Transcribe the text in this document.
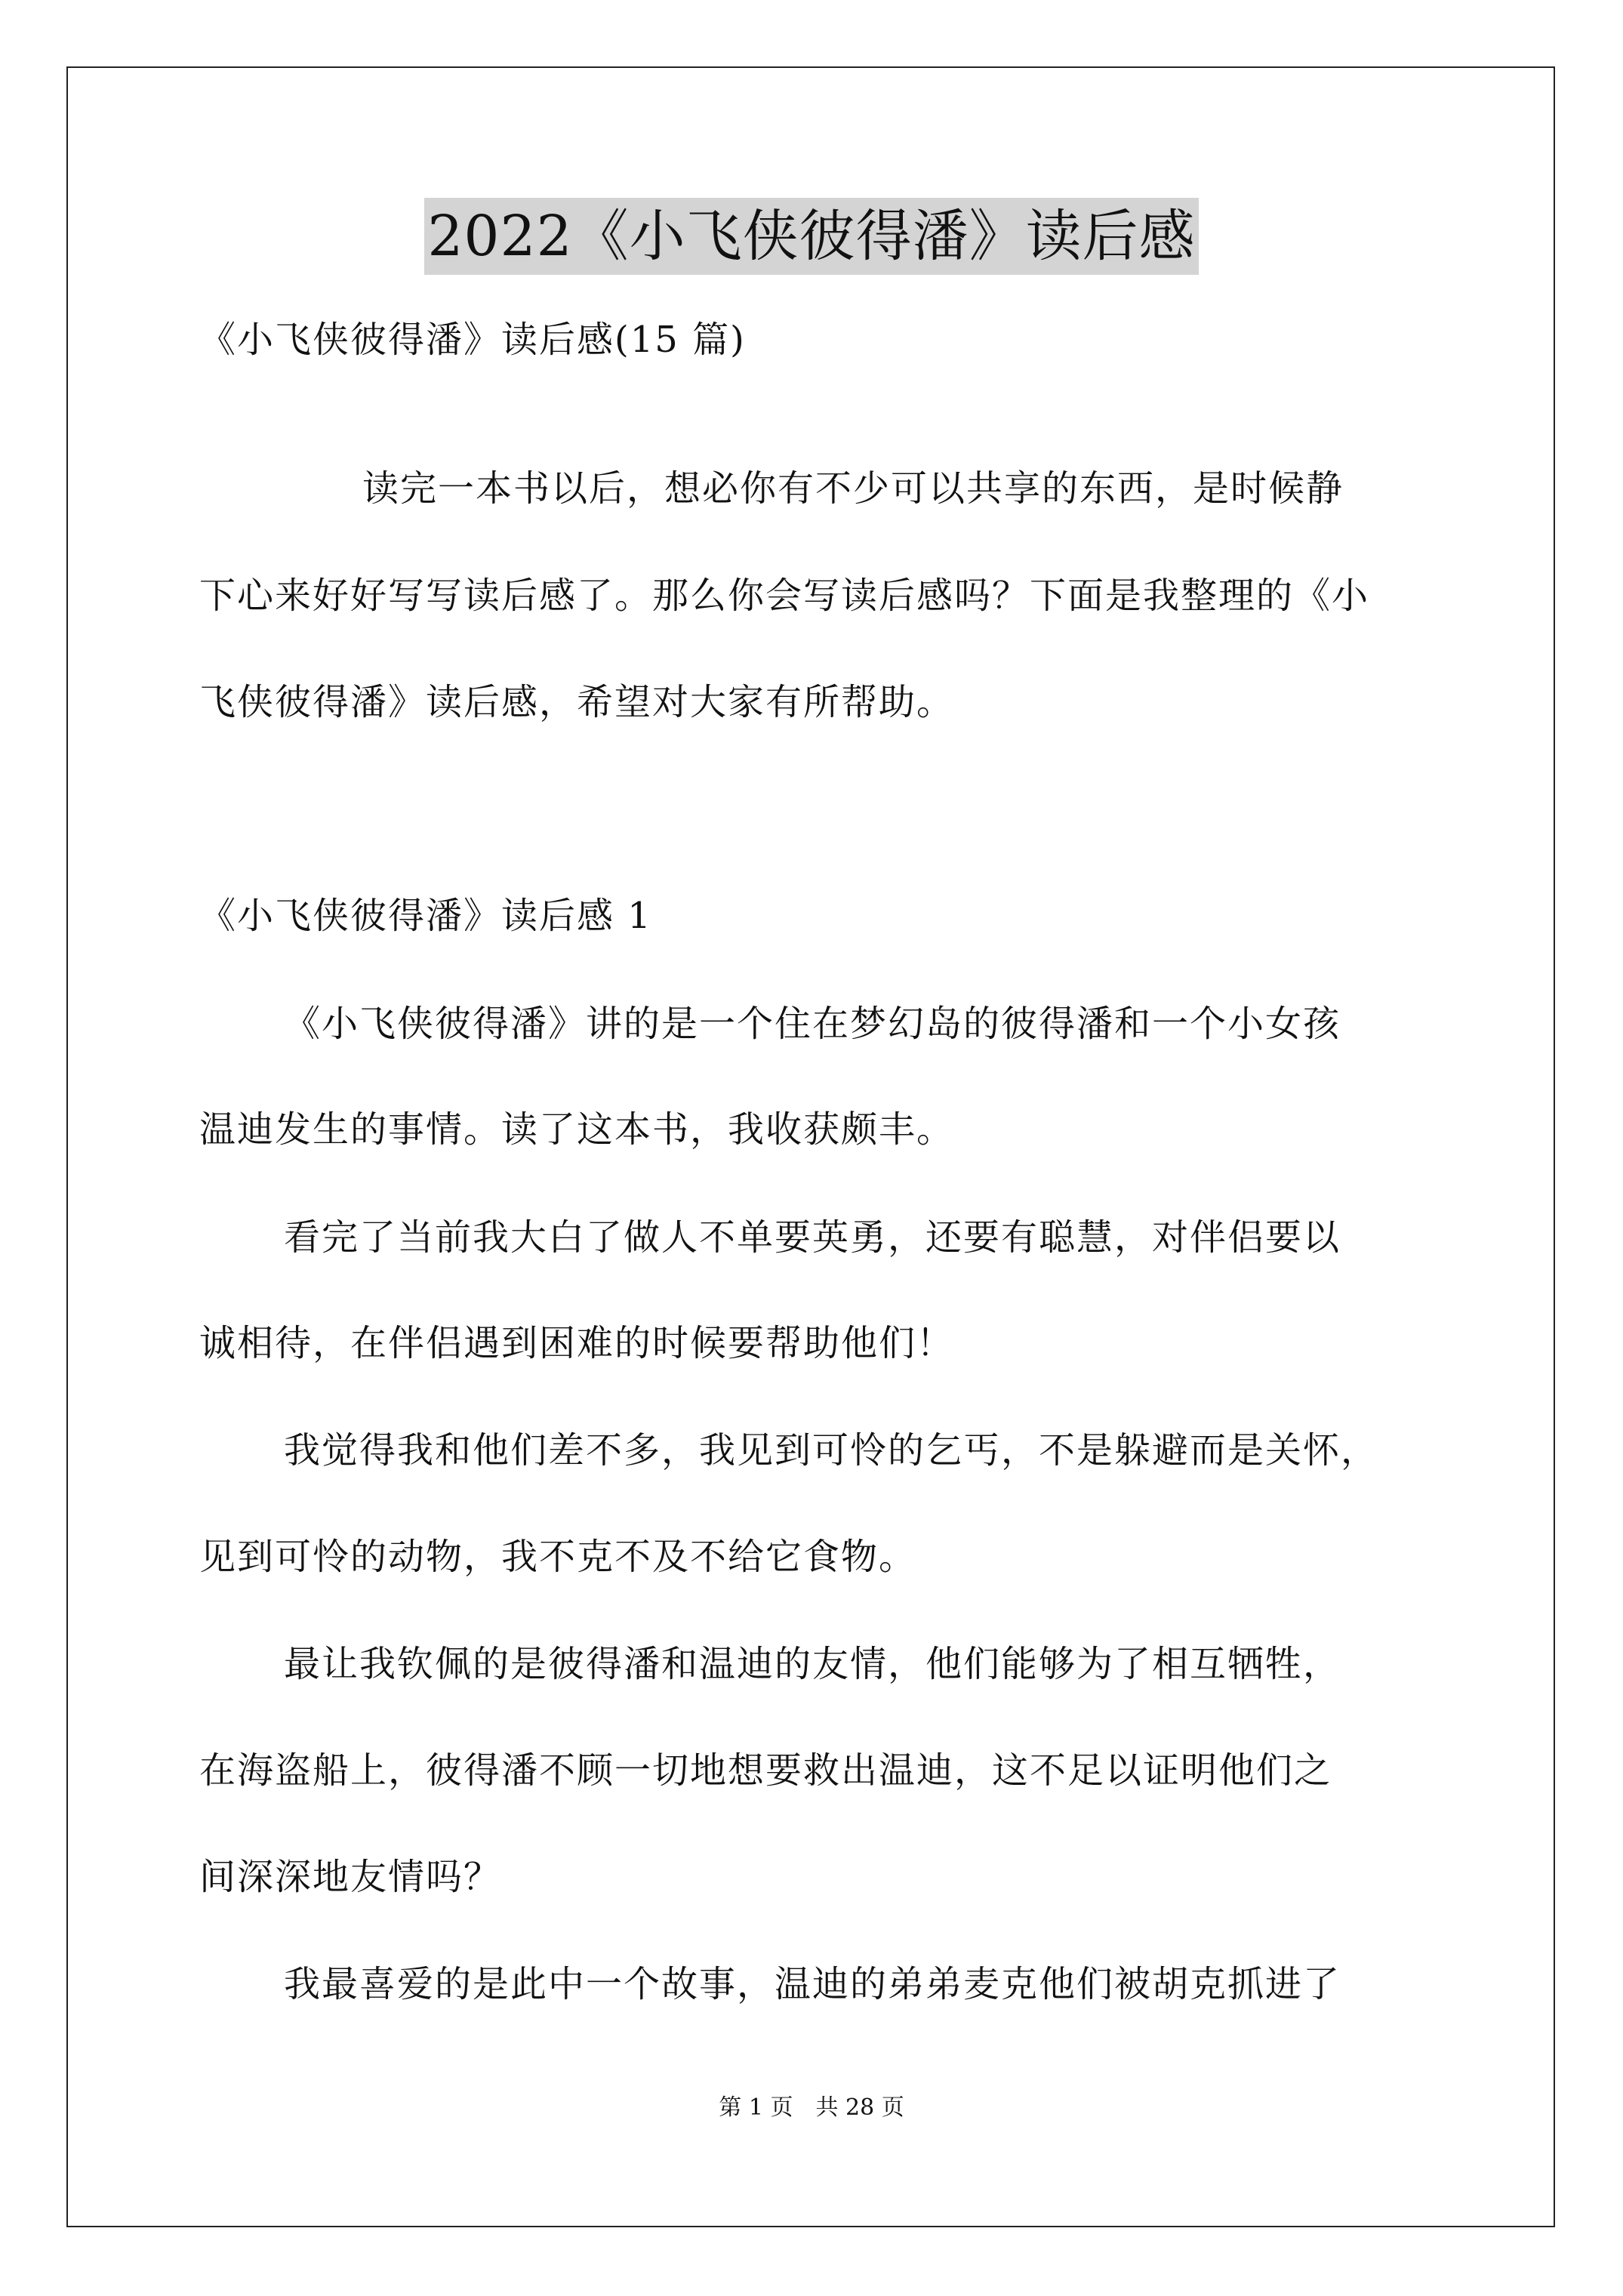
2022《小飞侠彼得潘》读后感
《小飞侠彼得潘》读后感(15 篇)
读完一本书以后，想必你有不少可以共享的东西，是时候静
下心来好好写写读后感了。那么你会写读后感吗？下面是我整理的《小
飞侠彼得潘》读后感，希望对大家有所帮助。
《小飞侠彼得潘》读后感 1
《小飞侠彼得潘》讲的是一个住在梦幻岛的彼得潘和一个小女孩
温迪发生的事情。读了这本书，我收获颇丰。
看完了当前我大白了做人不单要英勇，还要有聪慧，对伴侣要以
诚相待，在伴侣遇到困难的时候要帮助他们！
我觉得我和他们差不多，我见到可怜的乞丐，不是躲避而是关怀，
见到可怜的动物，我不克不及不给它食物。
最让我钦佩的是彼得潘和温迪的友情，他们能够为了相互牺牲，
在海盗船上，彼得潘不顾一切地想要救出温迪，这不足以证明他们之
间深深地友情吗？
我最喜爱的是此中一个故事，温迪的弟弟麦克他们被胡克抓进了
第 1 页　共 28 页
